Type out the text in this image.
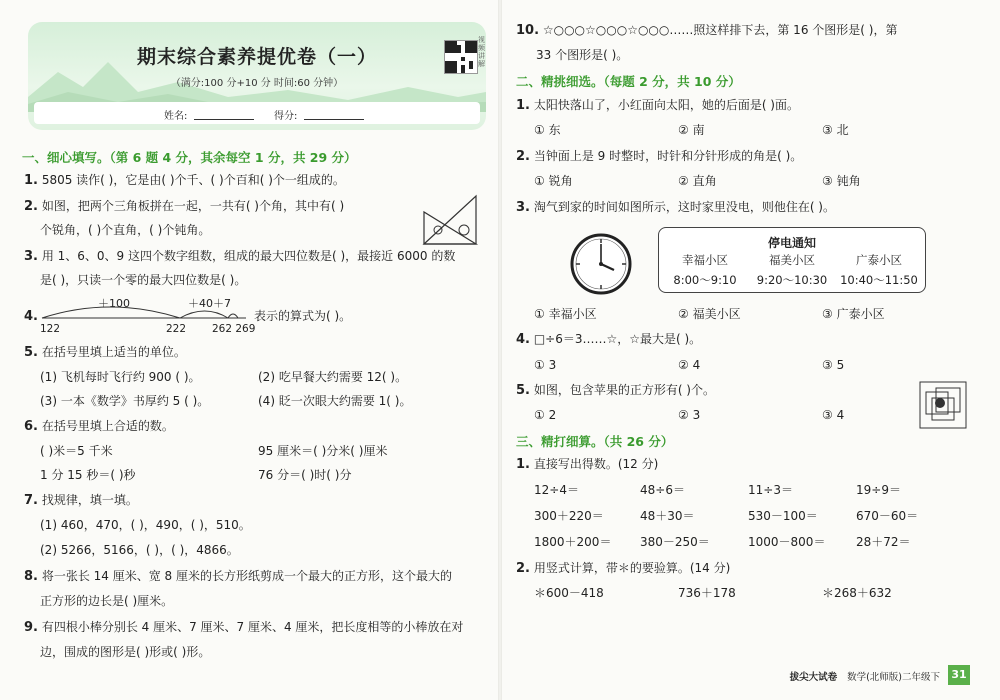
期末综合素养提优卷（一）
（满分:100 分+10 分 时间:60 分钟）
视频讲解
姓名:	得分:
一、细心填写。（第 6 题 4 分，其余每空 1 分，共 29 分）
1. 5805 读作( )，它是由( )个千、( )个百和( )个一组成的。
2. 如图，把两个三角板拼在一起，一共有( )个角，其中有( )
个锐角，( )个直角，( )个钝角。
3. 用 1、6、0、9 这四个数字组数，组成的最大四位数是( )，最接近 6000 的数
是( )，只读一个零的最大四位数是( )。
4.
＋100	＋40＋7
122	222 262 269
表示的算式为( )。
5. 在括号里填上适当的单位。
(1) 飞机每时飞行约 900 ( )。	(2) 吃早餐大约需要 12( )。
(3) 一本《数学》书厚约 5 ( )。	(4) 眨一次眼大约需要 1( )。
6. 在括号里填上合适的数。
( )米＝5 千米	95 厘米＝( )分米( )厘米
1 分 15 秒＝( )秒	76 分＝( )时( )分
7. 找规律，填一填。
(1) 460，470，( )，490，( )，510。
(2) 5266，5166，( )，( )，4866。
8. 将一张长 14 厘米、宽 8 厘米的长方形纸剪成一个最大的正方形，这个最大的
正方形的边长是( )厘米。
9. 有四根小棒分别长 4 厘米、7 厘米、7 厘米、4 厘米，把长度相等的小棒放在对
边，围成的图形是( )形或( )形。
10. ☆○○○☆○○○☆○○○……照这样排下去，第 16 个图形是( )，第
33 个图形是( )。
二、精挑细选。（每题 2 分，共 10 分）
1. 太阳快落山了，小红面向太阳，她的后面是( )面。
① 东	② 南	③ 北
2. 当钟面上是 9 时整时，时针和分针形成的角是( )。
① 锐角	② 直角	③ 钝角
3. 淘气到家的时间如图所示，这时家里没电，则他住在( )。
停电通知
幸福小区	福美小区	广泰小区
8:00～9:10	9:20～10:30	10:40～11:50
① 幸福小区	② 福美小区	③ 广泰小区
4. □÷6＝3……☆，☆最大是( )。
① 3	② 4	③ 5
5. 如图，包含苹果的正方形有( )个。
① 2	② 3	③ 4
三、精打细算。（共 26 分）
1. 直接写出得数。(12 分)
12÷4＝	48÷6＝	11÷3＝	19÷9＝
300＋220＝	48＋30＝	530－100＝	670－60＝
1800＋200＝ 380－250＝	1000－800＝	28＋72＝
2. 用竖式计算，带＊的要验算。(14 分)
＊600－418	736＋178	＊268＋632
拔尖大试卷 数学(北师版)二年级下	31
